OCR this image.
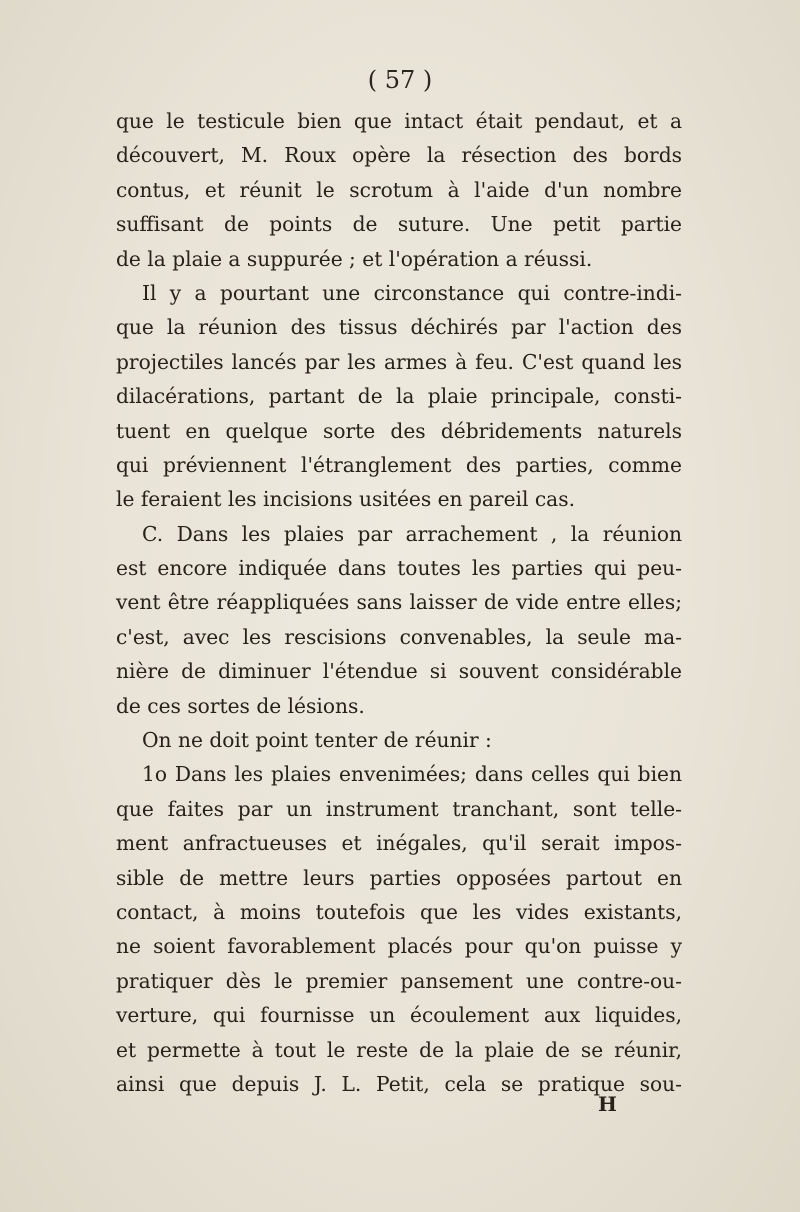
( 57 )
que le testicule bien que intact était pendaut, et a
découvert, M. Roux opère la résection des bords
contus, et réunit le scrotum à l'aide d'un nombre
suffisant de points de suture. Une petit partie
de la plaie a suppurée ; et l'opération a réussi.
Il y a pourtant une circonstance qui contre-indi-
que la réunion des tissus déchirés par l'action des
projectiles lancés par les armes à feu. C'est quand les
dilacérations, partant de la plaie principale, consti-
tuent en quelque sorte des débridements naturels
qui préviennent l'étranglement des parties, comme
le feraient les incisions usitées en pareil cas.
C. Dans les plaies par arrachement , la réunion
est encore indiquée dans toutes les parties qui peu-
vent être réappliquées sans laisser de vide entre elles;
c'est, avec les rescisions convenables, la seule ma-
nière de diminuer l'étendue si souvent considérable
de ces sortes de lésions.
On ne doit point tenter de réunir :
1o Dans les plaies envenimées; dans celles qui bien
que faites par un instrument tranchant, sont telle-
ment anfractueuses et inégales, qu'il serait impos-
sible de mettre leurs parties opposées partout en
contact, à moins toutefois que les vides existants,
ne soient favorablement placés pour qu'on puisse y
pratiquer dès le premier pansement une contre-ou-
verture, qui fournisse un écoulement aux liquides,
et permette à tout le reste de la plaie de se réunir,
ainsi que depuis J. L. Petit, cela se pratique sou-
H
